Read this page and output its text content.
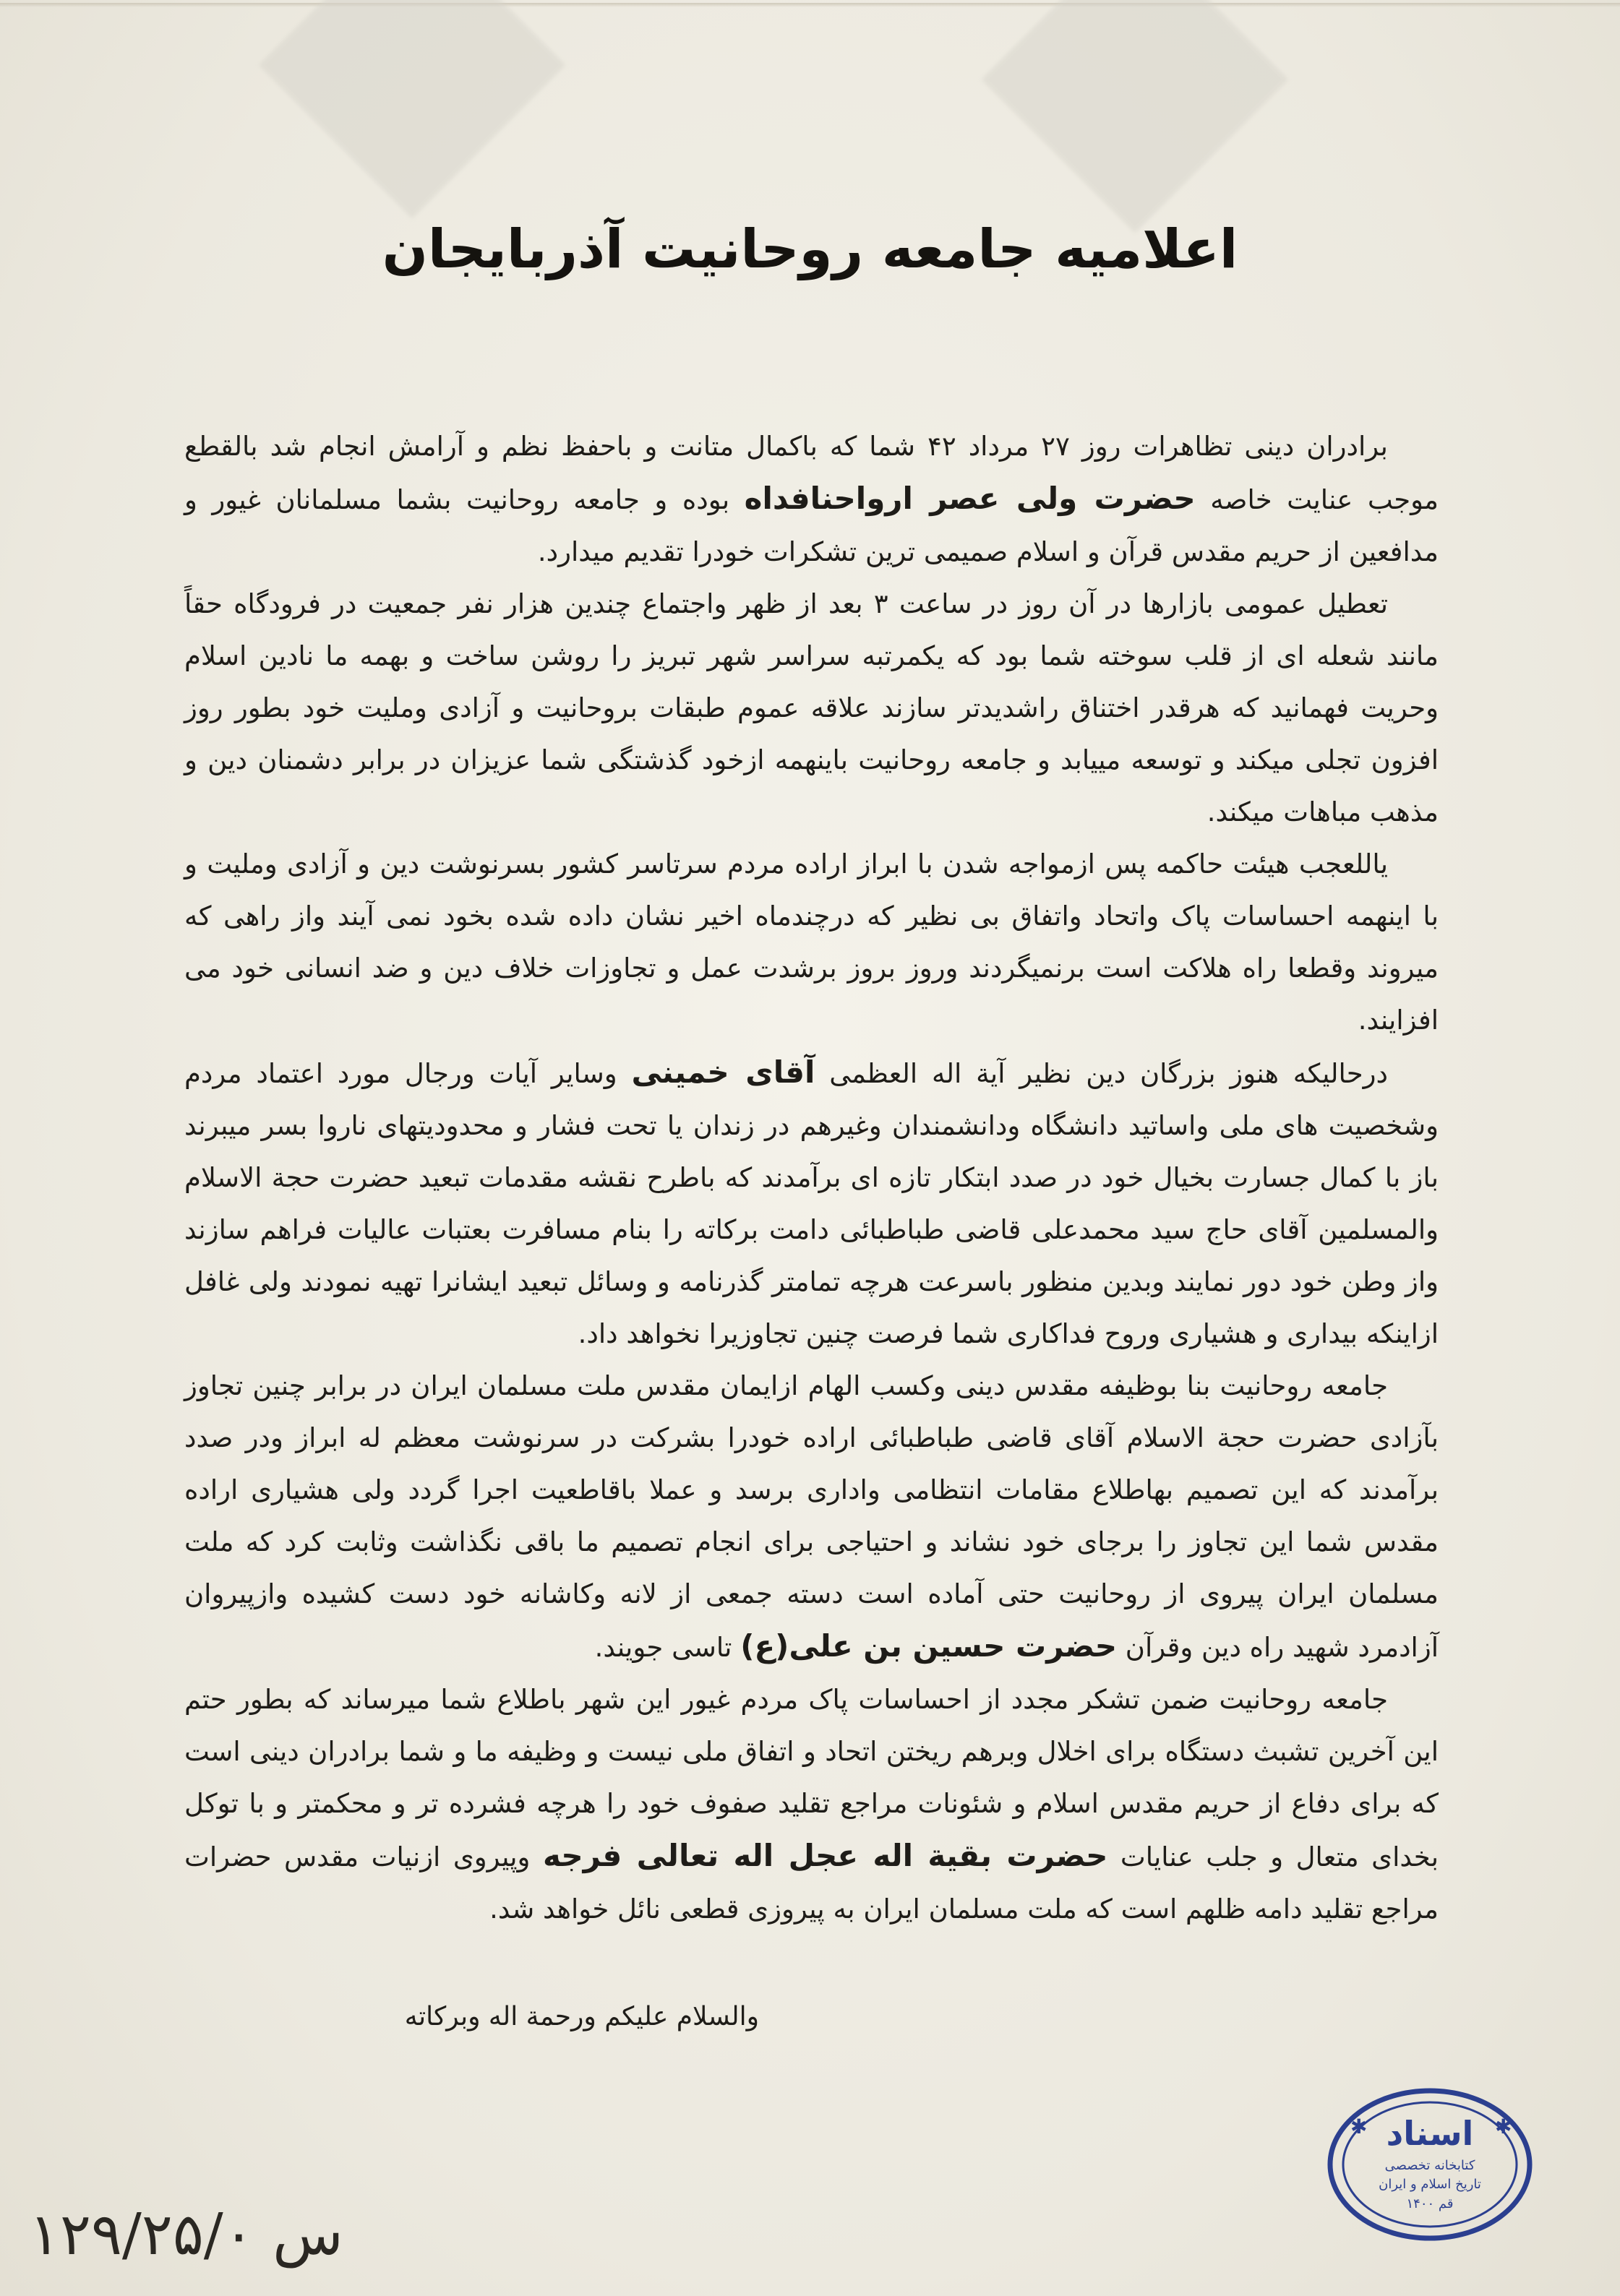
اعلامیه جامعه روحانیت آذربایجان

برادران دینی تظاهرات روز ۲۷ مرداد ۴۲ شما که باکمال متانت و باحفظ نظم و آرامش انجام شد بالقطع موجب عنایت خاصه حضرت ولی عصر ارواحنافداه بوده و جامعه روحانیت بشما مسلمانان غیور و مدافعین از حریم مقدس قرآن و اسلام صمیمی ترین تشکرات خودرا تقدیم میدارد.

تعطیل عمومی بازارها در آن روز در ساعت ۳ بعد از ظهر واجتماع چندین هزار نفر جمعیت در فرودگاه حقاً مانند شعله ای از قلب سوخته شما بود که یکمرتبه سراسر شهر تبریز را روشن ساخت و بهمه ما نادین اسلام وحریت فهمانید که هرقدر اختناق راشدیدتر سازند علاقه عموم طبقات بروحانیت و آزادی وملیت خود بطور روز افزون تجلی میکند و توسعه مییابد و جامعه روحانیت باینهمه ازخود گذشتگی شما عزیزان در برابر دشمنان دین و مذهب مباهات میکند.

یاللعجب هیئت حاکمه پس ازمواجه شدن با ابراز اراده مردم سرتاسر کشور بسرنوشت دین و آزادی وملیت و با اینهمه احساسات پاک واتحاد واتفاق بی نظیر که درچندماه اخیر نشان داده شده بخود نمی آیند واز راهی که میروند وقطعا راه هلاکت است برنمیگردند وروز بروز برشدت عمل و تجاوزات خلاف دین و ضد انسانی خود می افزایند.

درحالیکه هنوز بزرگان دین نظیر آیة اله العظمی آقای خمینی وسایر آیات ورجال مورد اعتماد مردم وشخصیت های ملی واساتید دانشگاه ودانشمندان وغیرهم در زندان یا تحت فشار و محدودیتهای ناروا بسر میبرند باز با کمال جسارت بخیال خود در صدد ابتکار تازه ای برآمدند که باطرح نقشه مقدمات تبعید حضرت حجة الاسلام والمسلمین آقای حاج سید محمدعلی قاضی طباطبائی دامت برکاته را بنام مسافرت بعتبات عالیات فراهم سازند واز وطن خود دور نمایند وبدین منظور باسرعت هرچه تمامتر گذرنامه و وسائل تبعید ایشانرا تهیه نمودند ولی غافل ازاینکه بیداری و هشیاری وروح فداکاری شما فرصت چنین تجاوزیرا نخواهد داد.

جامعه روحانیت بنا بوظیفه مقدس دینی وکسب الهام ازایمان مقدس ملت مسلمان ایران در برابر چنین تجاوز بآزادی حضرت حجة الاسلام آقای قاضی طباطبائی اراده خودرا بشرکت در سرنوشت معظم له ابراز ودر صدد برآمدند که این تصمیم بهاطلاع مقامات انتظامی واداری برسد و عملا باقاطعیت اجرا گردد ولی هشیاری اراده مقدس شما این تجاوز را برجای خود نشاند و احتیاجی برای انجام تصمیم ما باقی نگذاشت وثابت کرد که ملت مسلمان ایران پیروی از روحانیت حتی آماده است دسته جمعی از لانه وکاشانه خود دست کشیده وازپیروان آزادمرد شهید راه دین وقرآن حضرت حسین بن علی(ع) تاسی جویند.

جامعه روحانیت ضمن تشکر مجدد از احساسات پاک مردم غیور این شهر باطلاع شما میرساند که بطور حتم این آخرین تشبث دستگاه برای اخلال وبرهم ریختن اتحاد و اتفاق ملی نیست و وظیفه ما و شما برادران دینی است که برای دفاع از حریم مقدس اسلام و شئونات مراجع تقلید صفوف خود را هرچه فشرده تر و محکمتر و با توکل بخدای متعال و جلب عنایات حضرت بقیة اله عجل اله تعالی فرجه وپیروی ازنیات مقدس حضرات مراجع تقلید دامه ظلهم است که ملت مسلمان ایران به پیروزی قطعی نائل خواهد شد.

والسلام علیکم ورحمة اله وبرکاته
اسناد
کتابخانه تخصصی
تاریخ اسلام و ایران
قم ۱۴۰۰
✱	✱
س ۱۲۹/۲۵/۰
